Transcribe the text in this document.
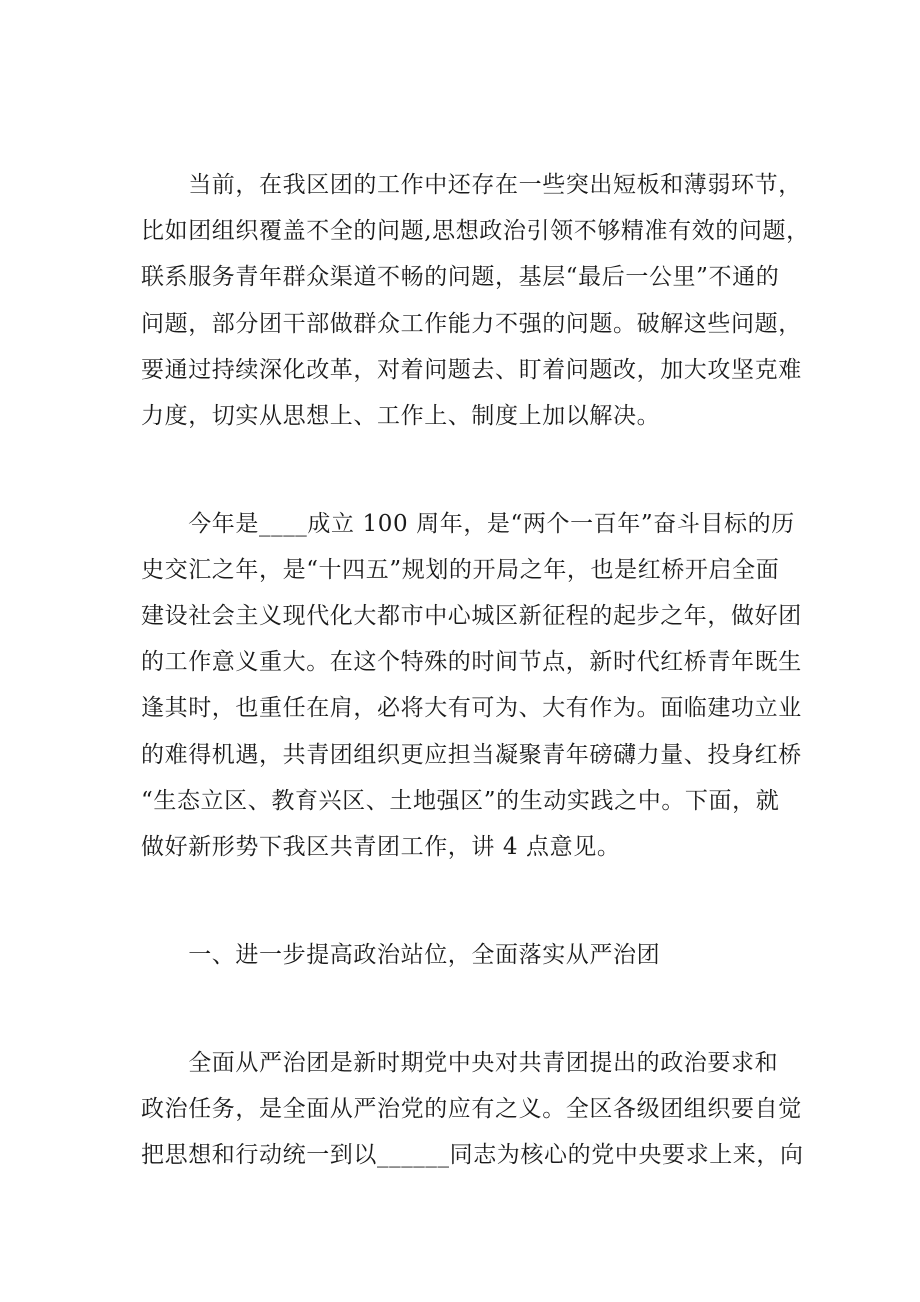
　　当前，在我区团的工作中还存在一些突出短板和薄弱环节，
比如团组织覆盖不全的问题,思想政治引领不够精准有效的问题，
联系服务青年群众渠道不畅的问题，基层“最后一公里”不通的
问题，部分团干部做群众工作能力不强的问题。破解这些问题，
要通过持续深化改革，对着问题去、盯着问题改，加大攻坚克难
力度，切实从思想上、工作上、制度上加以解决。
　　今年是____成立 100 周年，是“两个一百年”奋斗目标的历
史交汇之年，是“十四五”规划的开局之年，也是红桥开启全面
建设社会主义现代化大都市中心城区新征程的起步之年，做好团
的工作意义重大。在这个特殊的时间节点，新时代红桥青年既生
逢其时，也重任在肩，必将大有可为、大有作为。面临建功立业
的难得机遇，共青团组织更应担当凝聚青年磅礴力量、投身红桥
“生态立区、教育兴区、土地强区”的生动实践之中。下面，就
做好新形势下我区共青团工作，讲 4 点意见。
　　一、进一步提高政治站位，全面落实从严治团
　　全面从严治团是新时期党中央对共青团提出的政治要求和
政治任务，是全面从严治党的应有之义。全区各级团组织要自觉
把思想和行动统一到以______同志为核心的党中央要求上来，向
